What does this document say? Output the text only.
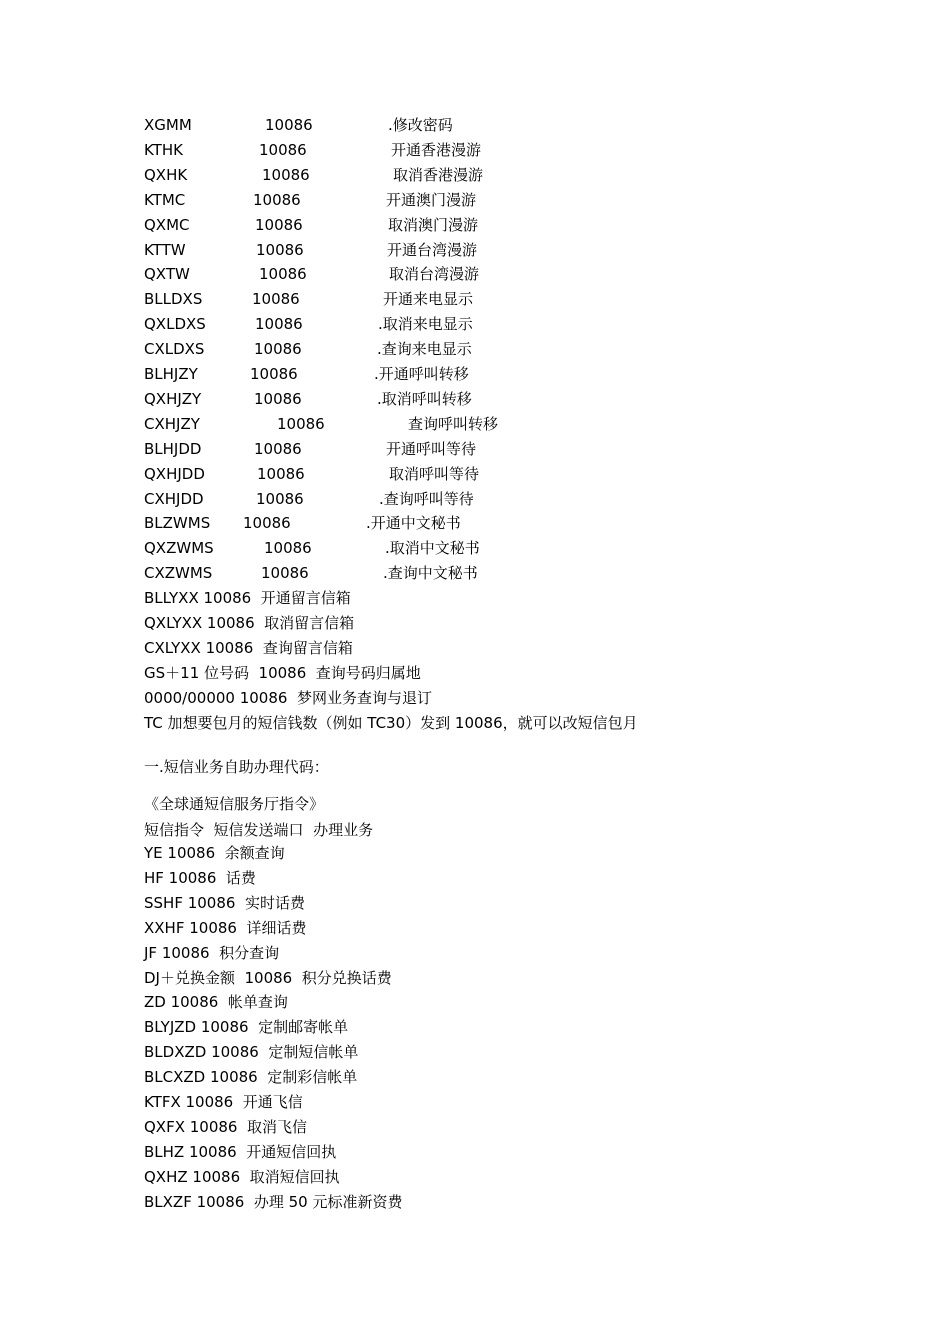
XGMM	10086	.修改密码
KTHK	10086	开通香港漫游
QXHK	10086	取消香港漫游
KTMC	10086	开通澳门漫游
QXMC	10086	取消澳门漫游
KTTW	10086	开通台湾漫游
QXTW	10086	取消台湾漫游
BLLDXS	10086	开通来电显示
QXLDXS	10086	.取消来电显示
CXLDXS	10086	.查询来电显示
BLHJZY	10086	.开通呼叫转移
QXHJZY	10086	.取消呼叫转移
CXHJZY	10086	查询呼叫转移
BLHJDD	10086	开通呼叫等待
QXHJDD	10086	取消呼叫等待
CXHJDD	10086	.查询呼叫等待
BLZWMS 10086	.开通中文秘书
QXZWMS	10086	.取消中文秘书
CXZWMS	10086	.查询中文秘书
BLLYXX 10086  开通留言信箱
QXLYXX 10086  取消留言信箱
CXLYXX 10086  查询留言信箱
GS＋11 位号码  10086  查询号码归属地
0000/00000 10086  梦网业务查询与退订
TC 加想要包月的短信钱数（例如 TC30）发到 10086，就可以改短信包月
一.短信业务自助办理代码：
《全球通短信服务厅指令》
短信指令  短信发送端口  办理业务
YE 10086  余额查询
HF 10086  话费
SSHF 10086  实时话费
XXHF 10086  详细话费
JF 10086  积分查询
DJ＋兑换金额  10086  积分兑换话费
ZD 10086  帐单查询
BLYJZD 10086  定制邮寄帐单
BLDXZD 10086  定制短信帐单
BLCXZD 10086  定制彩信帐单
KTFX 10086  开通飞信
QXFX 10086  取消飞信
BLHZ 10086  开通短信回执
QXHZ 10086  取消短信回执
BLXZF 10086  办理 50 元标准新资费
